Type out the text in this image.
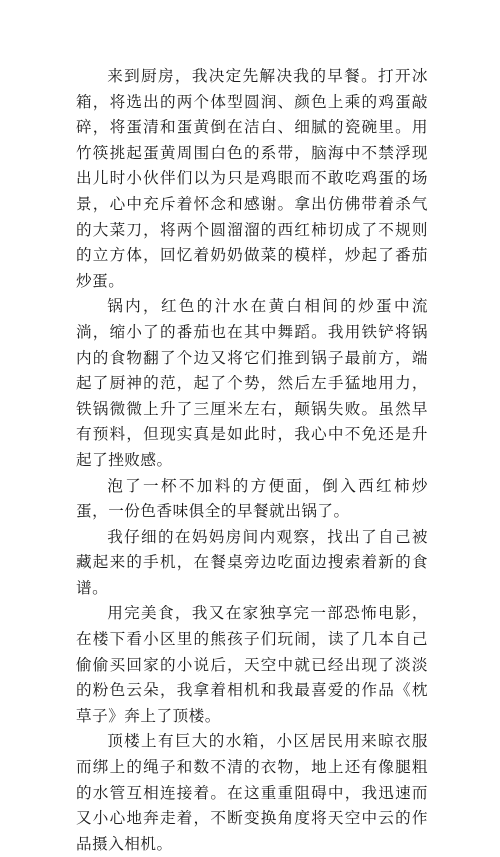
来到厨房，我决定先解决我的早餐。打开冰箱，将选出的两个体型圆润、颜色上乘的鸡蛋敲碎，将蛋清和蛋黄倒在洁白、细腻的瓷碗里。用竹筷挑起蛋黄周围白色的系带，脑海中不禁浮现出儿时小伙伴们以为只是鸡眼而不敢吃鸡蛋的场景，心中充斥着怀念和感谢。拿出仿佛带着杀气的大菜刀，将两个圆溜溜的西红柿切成了不规则的立方体，回忆着奶奶做菜的模样，炒起了番茄炒蛋。

锅内，红色的汁水在黄白相间的炒蛋中流淌，缩小了的番茄也在其中舞蹈。我用铁铲将锅内的食物翻了个边又将它们推到锅子最前方，端起了厨神的范，起了个势，然后左手猛地用力，铁锅微微上升了三厘米左右，颠锅失败。虽然早有预料，但现实真是如此时，我心中不免还是升起了挫败感。

泡了一杯不加料的方便面，倒入西红柿炒蛋，一份色香味俱全的早餐就出锅了。

我仔细的在妈妈房间内观察，找出了自己被藏起来的手机，在餐桌旁边吃面边搜索着新的食谱。

用完美食，我又在家独享完一部恐怖电影，在楼下看小区里的熊孩子们玩闹，读了几本自己偷偷买回家的小说后，天空中就已经出现了淡淡的粉色云朵，我拿着相机和我最喜爱的作品《枕草子》奔上了顶楼。

顶楼上有巨大的水箱，小区居民用来晾衣服而绑上的绳子和数不清的衣物，地上还有像腿粗的水管互相连接着。在这重重阻碍中，我迅速而又小心地奔走着，不断变换角度将天空中云的作品摄入相机。
